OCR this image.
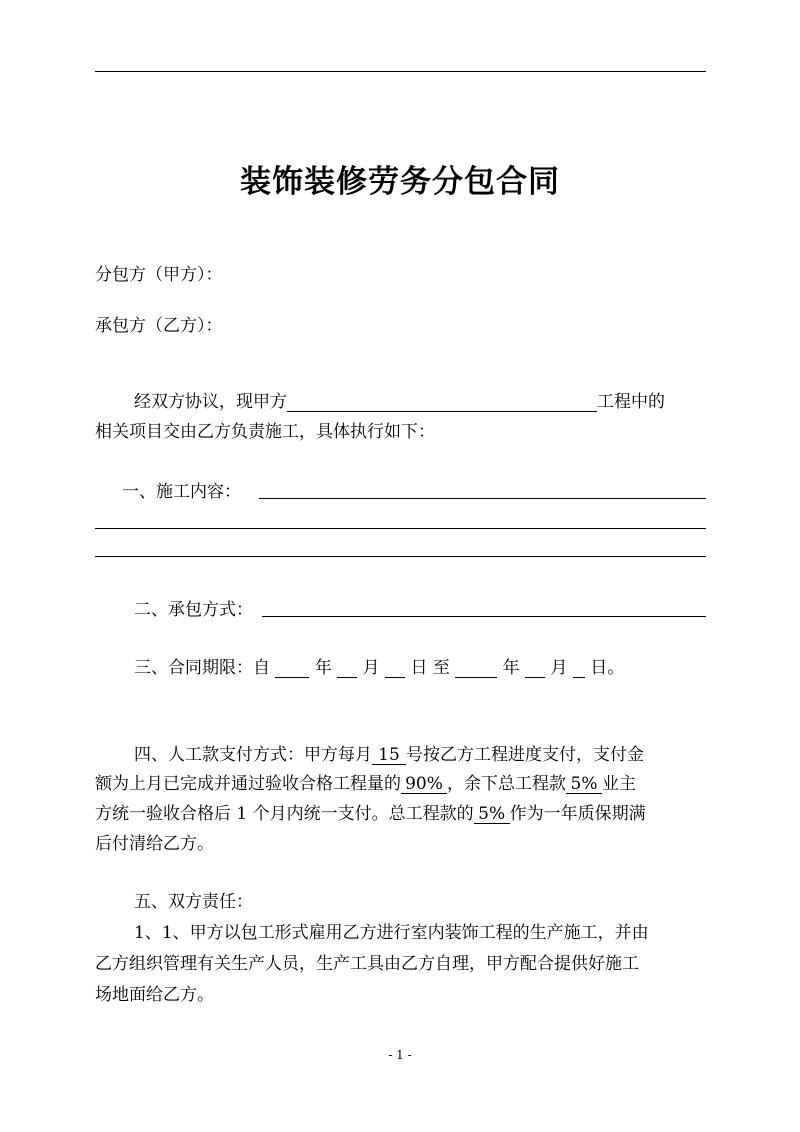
装饰装修劳务分包合同
分包方（甲方）：
承包方（乙方）：
经双方协议，现甲方	工程中的
相关项目交由乙方负责施工，具体执行如下：
一、施工内容：
二、承包方式：
三、合同期限：自	年 月 日 至	年 月 日。
四、人工款支付方式：甲方每月 15 号按乙方工程进度支付，支付金
额为上月已完成并通过验收合格工程量的 90% ，余下总工程款 5% 业主
方统一验收合格后 1 个月内统一支付。总工程款的 5% 作为一年质保期满
后付清给乙方。
五、双方责任：
1、1、甲方以包工形式雇用乙方进行室内装饰工程的生产施工，并由
乙方组织管理有关生产人员，生产工具由乙方自理，甲方配合提供好施工
场地面给乙方。
- 1 -
